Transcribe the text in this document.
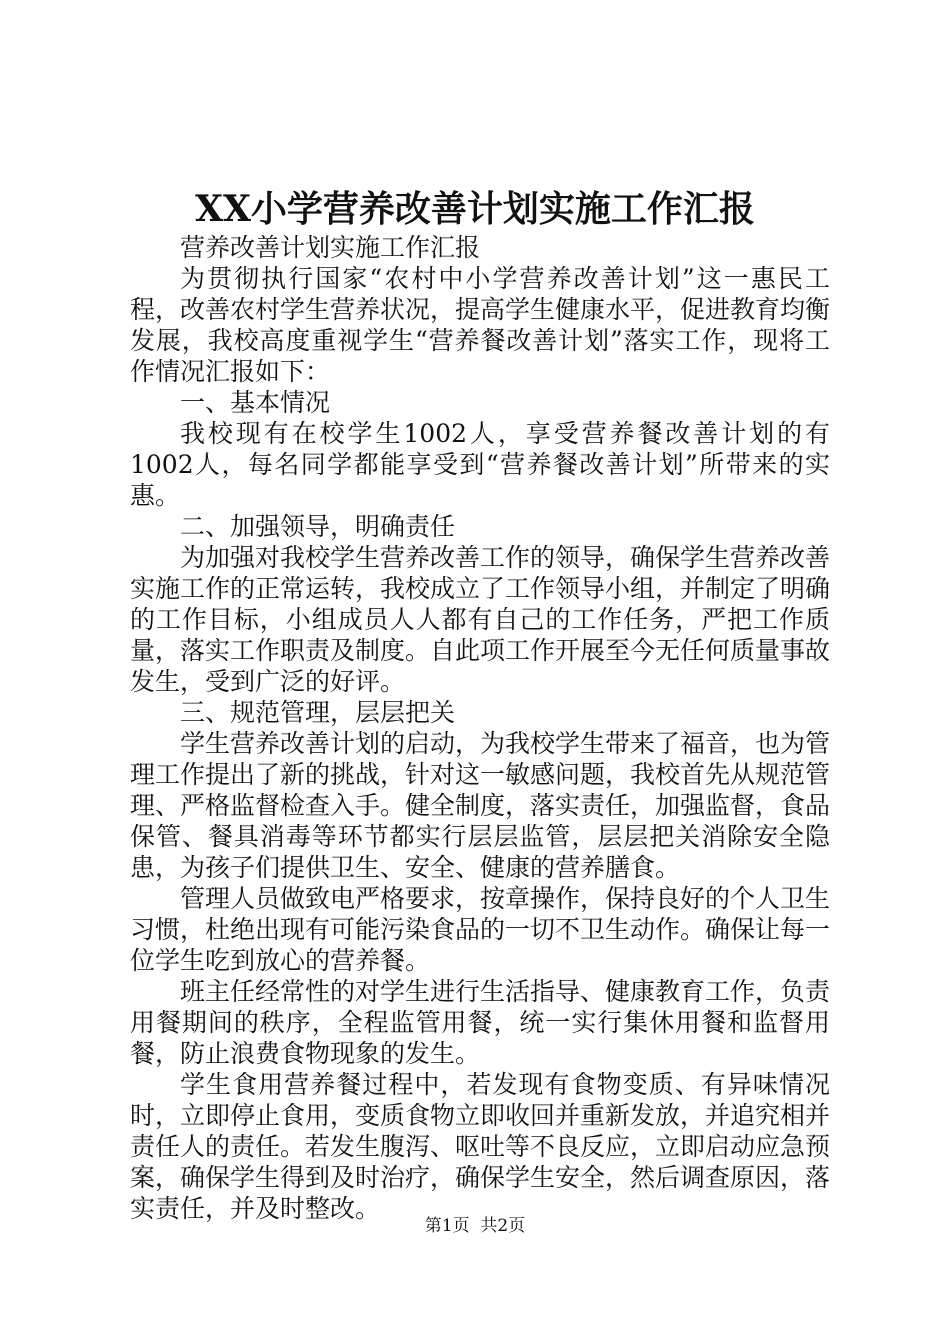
XX小学营养改善计划实施工作汇报

营养改善计划实施工作汇报

为贯彻执行国家“农村中小学营养改善计划”这一惠民工程，改善农村学生营养状况，提高学生健康水平，促进教育均衡发展，我校高度重视学生“营养餐改善计划”落实工作，现将工作情况汇报如下：

一、基本情况

我校现有在校学生1002人，享受营养餐改善计划的有1002人，每名同学都能享受到“营养餐改善计划”所带来的实惠。

二、加强领导，明确责任

为加强对我校学生营养改善工作的领导，确保学生营养改善实施工作的正常运转，我校成立了工作领导小组，并制定了明确的工作目标，小组成员人人都有自己的工作任务，严把工作质量，落实工作职责及制度。自此项工作开展至今无任何质量事故发生，受到广泛的好评。

三、规范管理，层层把关

学生营养改善计划的启动，为我校学生带来了福音，也为管理工作提出了新的挑战，针对这一敏感问题，我校首先从规范管理、严格监督检查入手。健全制度，落实责任，加强监督，食品保管、餐具消毒等环节都实行层层监管，层层把关消除安全隐患，为孩子们提供卫生、安全、健康的营养膳食。

管理人员做致电严格要求，按章操作，保持良好的个人卫生习惯，杜绝出现有可能污染食品的一切不卫生动作。确保让每一位学生吃到放心的营养餐。

班主任经常性的对学生进行生活指导、健康教育工作，负责用餐期间的秩序，全程监管用餐，统一实行集休用餐和监督用餐，防止浪费食物现象的发生。

学生食用营养餐过程中，若发现有食物变质、有异味情况时，立即停止食用，变质食物立即收回并重新发放，并追究相并责任人的责任。若发生腹泻、呕吐等不良反应，立即启动应急预案，确保学生得到及时治疗，确保学生安全，然后调查原因，落实责任，并及时整改。

第1页 共2页
